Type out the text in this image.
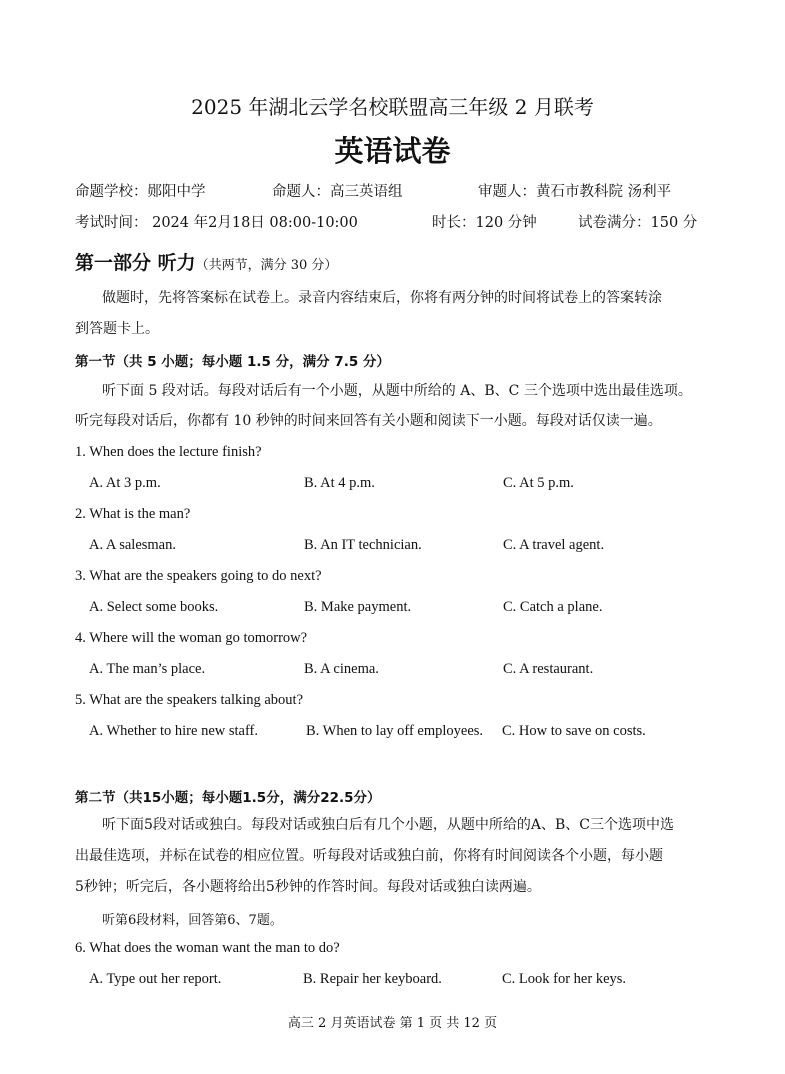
2025 年湖北云学名校联盟高三年级 2 月联考
英语试卷
命题学校：郧阳中学	命题人：高三英语组	审题人：黄石市教科院 汤利平
考试时间： 2024 年2月18日 08:00-10:00	时长：120 分钟	试卷满分：150 分
第一部分 听力（共两节，满分 30 分）
做题时，先将答案标在试卷上。录音内容结束后，你将有两分钟的时间将试卷上的答案转涂
到答题卡上。
第一节（共 5 小题；每小题 1.5 分，满分 7.5 分）
听下面 5 段对话。每段对话后有一个小题，从题中所给的 A、B、C 三个选项中选出最佳选项。
听完每段对话后，你都有 10 秒钟的时间来回答有关小题和阅读下一小题。每段对话仅读一遍。
1. When does the lecture finish?
A. At 3 p.m.	B. At 4 p.m.	C. At 5 p.m.
2. What is the man?
A. A salesman.	B. An IT technician.	C. A travel agent.
3. What are the speakers going to do next?
A. Select some books.	B. Make payment.	C. Catch a plane.
4. Where will the woman go tomorrow?
A. The man’s place.	B. A cinema.	C. A restaurant.
5. What are the speakers talking about?
A. Whether to hire new staff.	B. When to lay off employees. C. How to save on costs.
第二节（共15小题；每小题1.5分，满分22.5分）
听下面5段对话或独白。每段对话或独白后有几个小题，从题中所给的A、B、C三个选项中选
出最佳选项，并标在试卷的相应位置。听每段对话或独白前，你将有时间阅读各个小题，每小题
5秒钟；听完后，各小题将给出5秒钟的作答时间。每段对话或独白读两遍。
听第6段材料，回答第6、7题。
6. What does the woman want the man to do?
A. Type out her report.	B. Repair her keyboard.	C. Look for her keys.
高三 2 月英语试卷 第 1 页 共 12 页
